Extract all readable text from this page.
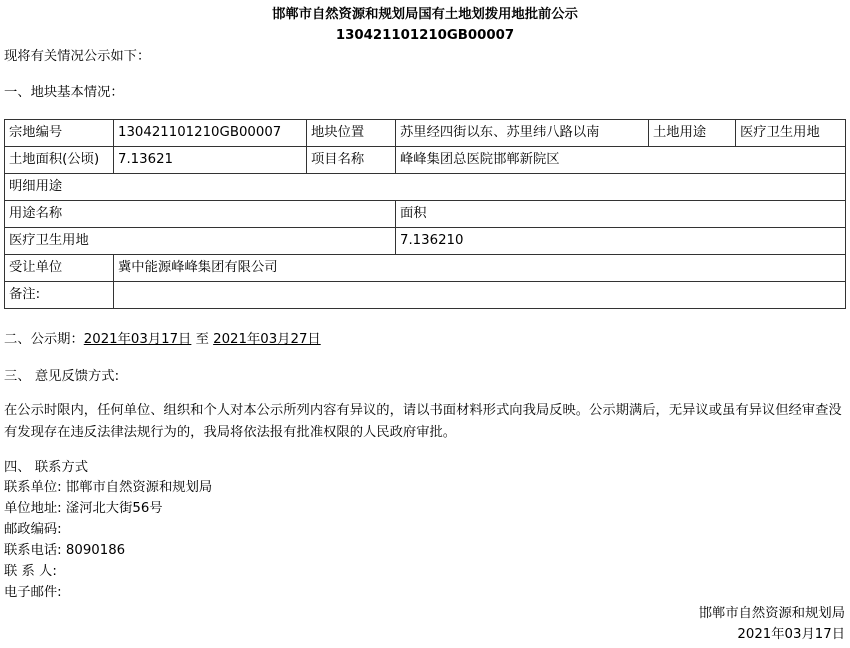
邯郸市自然资源和规划局国有土地划拨用地批前公示
130421101210GB00007
现将有关情况公示如下：
一、地块基本情况：
宗地编号	130421101210GB00007	地块位置	苏里经四街以东、苏里纬八路以南	土地用途	医疗卫生用地
土地面积(公顷)	7.13621	项目名称	峰峰集团总医院邯郸新院区		
明细用途					
用途名称			面积		
医疗卫生用地			7.136210		
受让单位	冀中能源峰峰集团有限公司				
备注:					
二、公示期：2021年03月17日 至 2021年03月27日
三、 意见反馈方式:
在公示时限内，任何单位、组织和个人对本公示所列内容有异议的，请以书面材料形式向我局反映。公示期满后，无异议或虽有异议但经审查没有发现存在违反法律法规行为的，我局将依法报有批准权限的人民政府审批。
四、 联系方式
联系单位: 邯郸市自然资源和规划局
单位地址: 滏河北大街56号
邮政编码:
联系电话: 8090186
联 系 人:
电子邮件:
邯郸市自然资源和规划局
2021年03月17日
